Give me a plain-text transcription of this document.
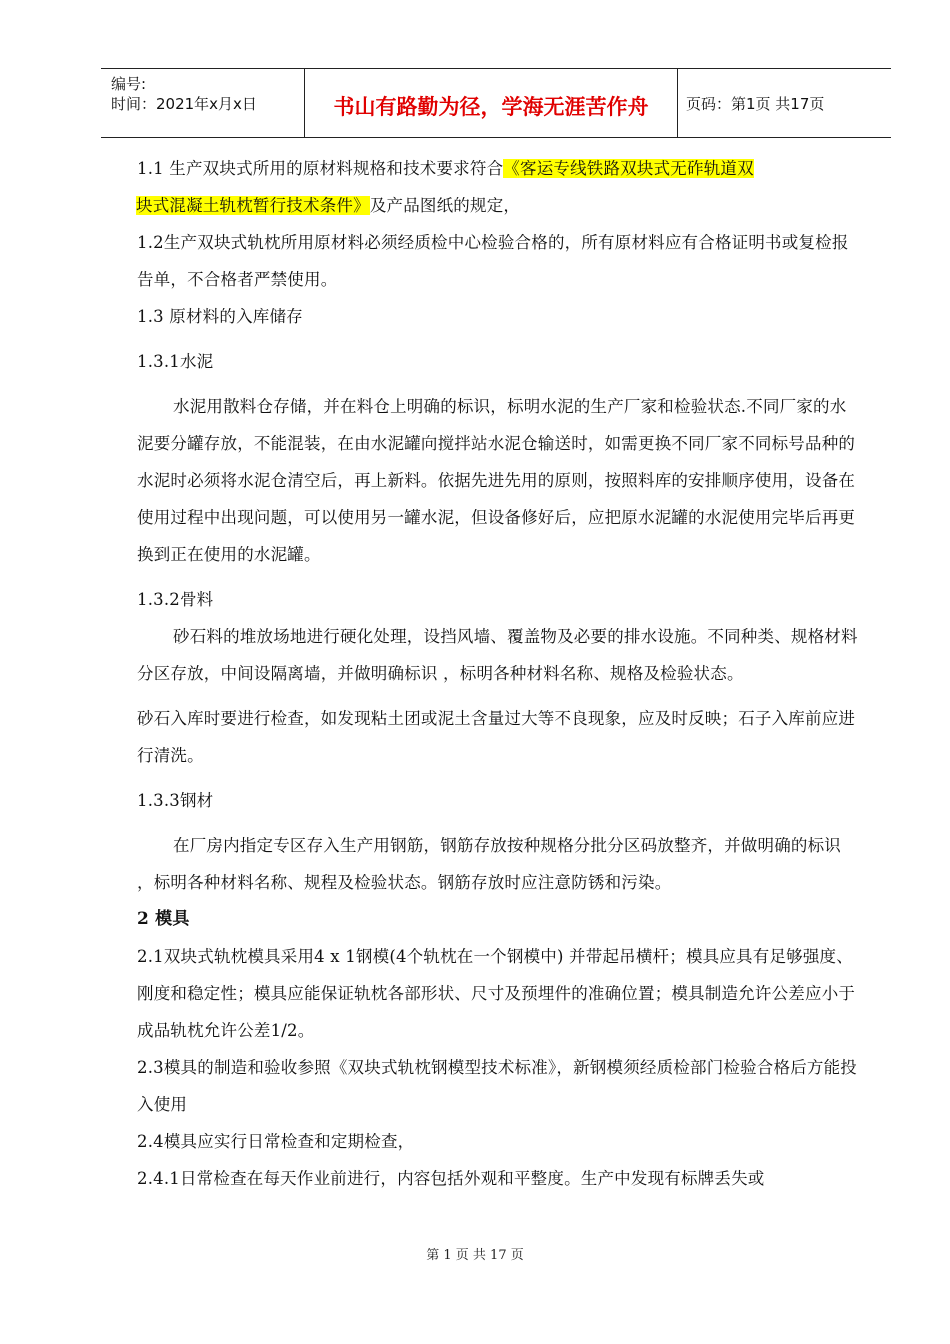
编号:
时间：2021年x月x日	书山有路勤为径，学海无涯苦作舟	页码：第1页 共17页

1.1 生产双块式所用的原材料规格和技术要求符合《客运专线铁路双块式无砟轨道双

块式混凝土轨枕暂行技术条件》及产品图纸的规定，

1.2生产双块式轨枕所用原材料必须经质检中心检验合格的，所有原材料应有合格证明书或复检报告单，不合格者严禁使用。

1.3 原材料的入库储存

1.3.1水泥

水泥用散料仓存储，并在料仓上明确的标识，标明水泥的生产厂家和检验状态.不同厂家的水泥要分罐存放，不能混装，在由水泥罐向搅拌站水泥仓输送时，如需更换不同厂家不同标号品种的水泥时必须将水泥仓清空后，再上新料。依据先进先用的原则，按照料库的安排顺序使用，设备在使用过程中出现问题，可以使用另一罐水泥，但设备修好后，应把原水泥罐的水泥使用完毕后再更换到正在使用的水泥罐。

1.3.2骨料

砂石料的堆放场地进行硬化处理，设挡风墙、覆盖物及必要的排水设施。不同种类、规格材料分区存放，中间设隔离墙，并做明确标识 ，标明各种材料名称、规格及检验状态。

砂石入库时要进行检查，如发现粘土团或泥土含量过大等不良现象，应及时反映；石子入库前应进行清洗。

1.3.3钢材

在厂房内指定专区存入生产用钢筋，钢筋存放按种规格分批分区码放整齐，并做明确的标识 ，标明各种材料名称、规程及检验状态。钢筋存放时应注意防锈和污染。

2 模具

2.1双块式轨枕模具采用4 x 1钢模(4个轨枕在一个钢模中) 并带起吊横杆；模具应具有足够强度、刚度和稳定性；模具应能保证轨枕各部形状、尺寸及预埋件的准确位置；模具制造允许公差应小于成品轨枕允许公差1/2。

2.3模具的制造和验收参照《双块式轨枕钢模型技术标准》，新钢模须经质检部门检验合格后方能投入使用

2.4模具应实行日常检查和定期检查，

2.4.1日常检查在每天作业前进行，内容包括外观和平整度。生产中发现有标牌丢失或

第 1 页 共 17 页
